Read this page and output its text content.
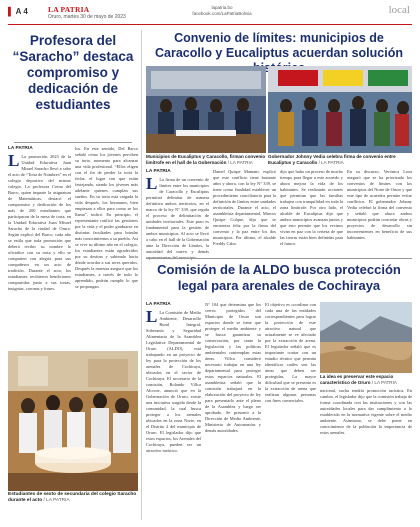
▌ A 4	LA PATRIA
Oruro, martes 30 de mayo de 2023
lapatria.bo
facebook.com/LaPatriaBolivia	local
Profesora del “Saracho” destaca compromiso y dedicación de estudiantes
LA PATRIA
L La promoción 2023 de la Unidad Educativa Juan Misael Saracho llevó a cabo el acto de “Torta de Nombres” en el colegio deportivo del mismo colegio. La profesora Cerna del Barco, quien imparte la asignatura de Matemáticas, destacó el compromiso y dedicación de los más de 200 estudiantes que participaron de la mesa de torta, en la Unidad Educativa Juan Misael Saracho de la ciudad de Oruro. Según explicó del Barco, cada año se estila que toda promoción que deberá recibir su nombre lo oficialice con su torta y ello se comparten con alegría para sus compañeros en un acto de tradición. Durante el acto, los estudiantes recibieron bendiciones compartidas junto a sus tortas, insignias, coronas y frases.
los. En este sentido, Del Barco señaló cómo los jóvenes perciben su torta, momento para alcanzar una vida profesional. “Ellos eligen con el fin de perder la torta la fecha, el lugar con que están festejando, siendo los jóvenes más adelante quienes cumplan sus sueños. En su torta esta cargada la vida después, los hermanos, bien empiezan a ellos para como se los llama”, indicó. En principio, el representante ratificó las gestiones por la vida y el poder graduarse en distintas facultades para brindar más conocimientos a su pueblo. Así se vive su último año en el colegio, los estudiantes están agradecidos por su destino y sabiendo hacia dónde acordar a sus seres queridos. Después la maestra aseguró que los estudiantes, a través de todo lo aprendido, podrán cumplir lo que se propongan.
Estudiantes de sexto de secundaria del colegio Saracho durante el acto / LA PATRIA
Convenio de límites: municipios de Caracollo y Eucaliptus acuerdan solución
Municipios de Eucaliptus y Caracollo, firman convenio limítrofe en el hall de la Gobernación / LA PATRIA
Gobernador Johnny Vedia celebra firma de convenio entre Eucaliptus y Caracollo / LA PATRIA
LA PATRIA
L La firma de un convenio de límites entre los municipios de Caracollo y Eucaliptus permitirá delimitar de manera definitiva ambos territorios, en el marco de la ley N° 339, que regula el proceso de delimitación de unidades territoriales. Este paso es fundamental para la gestión de ambos municipios. Al acto se llevó a cabo en el hall de la Gobernación ante la Dirección de Límites, la autoridad del nuevo y demás
Daniel Quispe Mamani, explicó que este conflicto tiene bastante años y ahora, con la ley N° 339, se tiene como finalidad establecer un procedimiento conciliatorio para la definición de límites entre unidades territoriales. Durante el acto, el asambleísta departamental, Marcos Quispe Colque, dijo que se encuentra feliz por la firma del convenio y la paz entre los dos municipios. Por último, el alcalde Freddy Cabo.
dijo que hubo un proceso de mucho tiempo para llegar a este acuerdo y ahora mejora la vida de los habitantes. Se realizarán acciones que permitan que las familias trabajen con tranquilidad en toda la zona limítrofe. Por otro lado, el alcalde de Eucaliptus dijo que ambos municipios avanzan juntos y que esto permite que los vecinos vivan en paz con la certeza de que las tierras están bien definidas para el futuro.
En su discurso, Verónica Loza aseguró que se ha priorizado los convenios de límites con los municipios del Norte de Oruro y que este tipo de acuerdos permite evitar conflictos. El gobernador Johnny Vedia celebró la firma del convenio y señaló que ahora ambos municipios podrán concretar obras y proyectos de desarrollo sin inconvenientes en beneficio de sus habitantes.
Comisión de la ALDO busca protección legal para arenales de Cochiraya
LA PATRIA
L La Comisión de Medio Ambiente, Desarrollo Rural Integral, Soberanía y Seguridad Alimentaria de la Asamblea Legislativa Departamental de Oruro (ALDO), está trabajando en un proyecto de ley para la protección de los arenales de Cochiraya, ubicados en el sector de Cochiraya. El secretario de la comisión, Rolando Villca Alcocer, anunció que en la Gobernación de Oruro, existe una iniciativa surgida desde la comunidad, la cual busca proteger a los arenales ubicados en la zona Norte, en el Distrito 2 del municipio de Oruro. El legislador dijo que estos espacios, los Arenales del Cochiraya, pueden ser un atractivo turístico.
N° 104 que determina que los cerros protegidos del Municipio de Oruro son espacios donde se tiene que proteger el medio ambiente y se busca garantizar su conservación, por tanto la legislación y las políticas ambientales contemplan estas áreas. Villca consideró necesario trabajar en una ley departamental para proteger estos espacios naturales. El asambleísta señaló que la comisión trabajará en la elaboración del proyecto de ley para presentarlo ante el pleno de la Asamblea y luego ser aprobado. Se presentó a la Dirección de Medio Ambiente, Ministerio de Autonomías y demás autoridades.
El objetivo es coordinar con cada una de las entidades correspondientes para lograr la protección de este atractivo natural que actualmente se ve afectado por la extracción de arena. El legislador señaló que es importante contar con un estudio técnico que permita identificar cuáles son las áreas que deben ser protegidas. La mayor dificultad que se presenta es la extracción de arena que realizan algunas personas con fines comerciales.
La idea es preservar este espacio característico de Oruro / LA PATRIA
nacional, sucha tendría promoción turística. En cambio, el legislador dijo que la comisión trabaja de forma coordinada con las instituciones y con las autoridades locales para dar cumplimiento a lo establecido en la normativa vigente sobre el medio ambiente. Asimismo, se debe poner en conocimiento de la población la importancia de estos arenales.
